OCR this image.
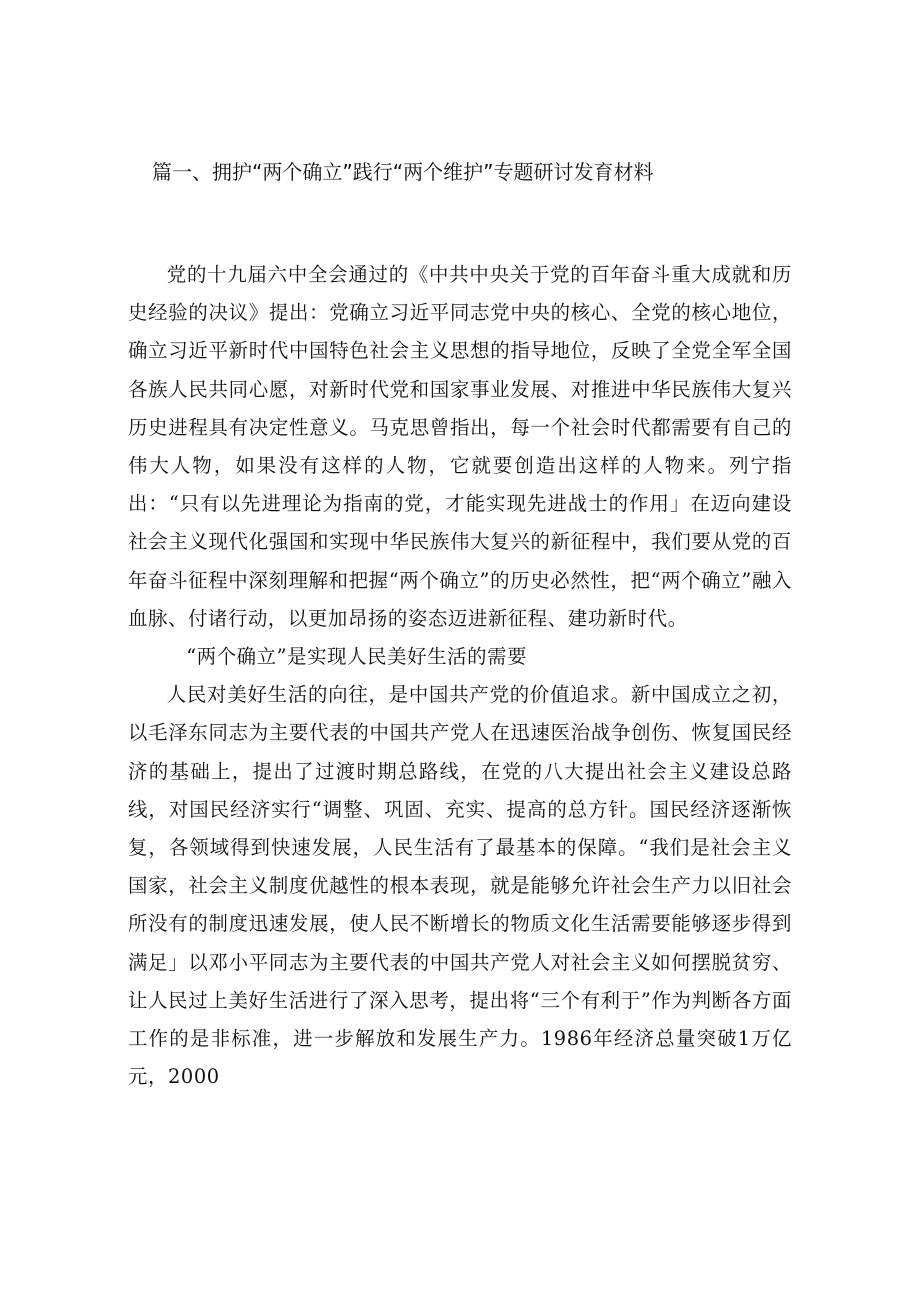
篇一、拥护“两个确立”践行“两个维护”专题研讨发育材料

党的十九届六中全会通过的《中共中央关于党的百年奋斗重大成就和历史经验的决议》提出：党确立习近平同志党中央的核心、全党的核心地位，确立习近平新时代中国特色社会主义思想的指导地位，反映了全党全军全国各族人民共同心愿，对新时代党和国家事业发展、对推进中华民族伟大复兴历史进程具有决定性意义。马克思曾指出，每一个社会时代都需要有自己的伟大人物，如果没有这样的人物，它就要创造出这样的人物来。列宁指出：“只有以先进理论为指南的党，才能实现先进战士的作用」在迈向建设社会主义现代化强国和实现中华民族伟大复兴的新征程中，我们要从党的百年奋斗征程中深刻理解和把握“两个确立”的历史必然性，把“两个确立”融入血脉、付诸行动，以更加昂扬的姿态迈进新征程、建功新时代。

“两个确立”是实现人民美好生活的需要

人民对美好生活的向往，是中国共产党的价值追求。新中国成立之初，以毛泽东同志为主要代表的中国共产党人在迅速医治战争创伤、恢复国民经济的基础上，提出了过渡时期总路线，在党的八大提出社会主义建设总路线，对国民经济实行“调整、巩固、充实、提高的总方针。国民经济逐渐恢复，各领域得到快速发展，人民生活有了最基本的保障。“我们是社会主义国家，社会主义制度优越性的根本表现，就是能够允许社会生产力以旧社会所没有的制度迅速发展，使人民不断增长的物质文化生活需要能够逐步得到满足」以邓小平同志为主要代表的中国共产党人对社会主义如何摆脱贫穷、让人民过上美好生活进行了深入思考，提出将“三个有利于”作为判断各方面工作的是非标准，进一步解放和发展生产力。1986年经济总量突破1万亿元，2000
